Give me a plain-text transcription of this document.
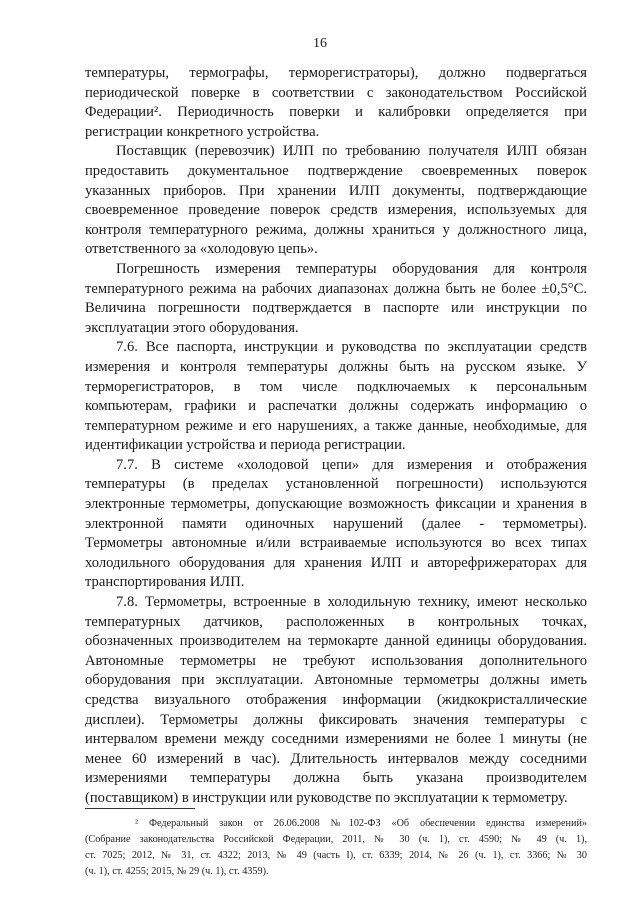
16
температуры, термографы, терморегистраторы), должно подвергаться
периодической поверке в соответствии с законодательством Российской
Федерации². Периодичность поверки и калибровки определяется при
регистрации конкретного устройства.
Поставщик (перевозчик) ИЛП по требованию получателя ИЛП обязан
предоставить документальное подтверждение своевременных поверок
указанных приборов. При хранении ИЛП документы, подтверждающие
своевременное проведение поверок средств измерения, используемых для
контроля температурного режима, должны храниться у должностного лица,
ответственного за «холодовую цепь».
Погрешность измерения температуры оборудования для контроля
температурного режима на рабочих диапазонах должна быть не более ±0,5°С.
Величина погрешности подтверждается в паспорте или инструкции по
эксплуатации этого оборудования.
7.6. Все паспорта, инструкции и руководства по эксплуатации средств
измерения и контроля температуры должны быть на русском языке. У
терморегистраторов, в том числе подключаемых к персональным
компьютерам, графики и распечатки должны содержать информацию о
температурном режиме и его нарушениях, а также данные, необходимые, для
идентификации устройства и периода регистрации.
7.7. В системе «холодовой цепи» для измерения и отображения
температуры (в пределах установленной погрешности) используются
электронные термометры, допускающие возможность фиксации и хранения в
электронной памяти одиночных нарушений (далее - термометры).
Термометры автономные и/или встраиваемые используются во всех типах
холодильного оборудования для хранения ИЛП и авторефрижераторах для
транспортирования ИЛП.
7.8. Термометры, встроенные в холодильную технику, имеют несколько
температурных датчиков, расположенных в контрольных точках,
обозначенных производителем на термокарте данной единицы оборудования.
Автономные термометры не требуют использования дополнительного
оборудования при эксплуатации. Автономные термометры должны иметь
средства визуального отображения информации (жидкокристаллические
дисплеи). Термометры должны фиксировать значения температуры с
интервалом времени между соседними измерениями не более 1 минуты (не
менее 60 измерений в час). Длительность интервалов между соседними
измерениями температуры должна быть указана производителем
(поставщиком) в инструкции или руководстве по эксплуатации к термометру.
² Федеральный закон от 26.06.2008 №102-ФЗ «Об обеспечении единства измерений»
(Собрание законодательства Российской Федерации, 2011, № 30 (ч. 1), ст. 4590; № 49 (ч. 1),
ст. 7025; 2012, № 31, ст. 4322; 2013, № 49 (часть I), ст. 6339; 2014, № 26 (ч. 1), ст. 3366; № 30
(ч. 1), ст. 4255; 2015, № 29 (ч. 1), ст. 4359).
